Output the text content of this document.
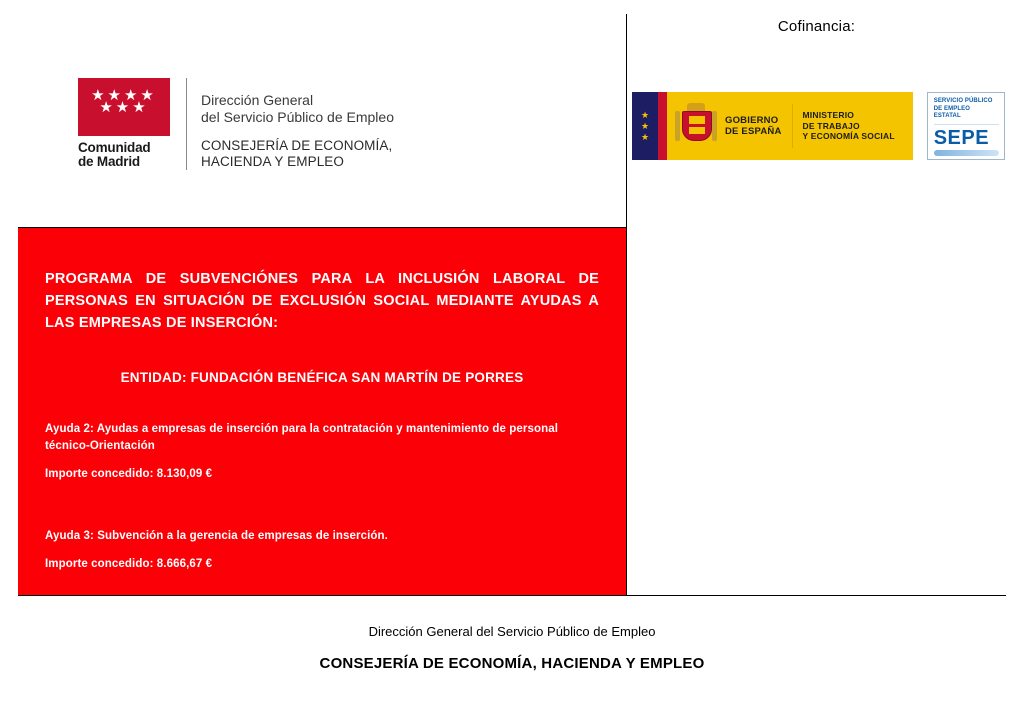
Cofinancia:
★★★★
★★★
Comunidad
de Madrid
Dirección General
del Servicio Público de Empleo
CONSEJERÍA DE ECONOMÍA,
HACIENDA Y EMPLEO
★
★
★
GOBIERNO
DE ESPAÑA
MINISTERIO
DE TRABAJO
Y ECONOMÍA SOCIAL
SERVICIO PÚBLICO
DE EMPLEO ESTATAL
SEPE
PROGRAMA DE SUBVENCIÓNES PARA LA INCLUSIÓN LABORAL DE PERSONAS EN SITUACIÓN DE EXCLUSIÓN SOCIAL MEDIANTE AYUDAS A LAS EMPRESAS DE INSERCIÓN:
ENTIDAD: FUNDACIÓN BENÉFICA SAN MARTÍN DE PORRES
Ayuda 2: Ayudas a empresas de inserción para la contratación y mantenimiento de personal técnico-Orientación
Importe concedido: 8.130,09 €
Ayuda 3: Subvención a la gerencia de empresas de inserción.
Importe concedido: 8.666,67 €
Dirección General del Servicio Público de Empleo
CONSEJERÍA DE ECONOMÍA, HACIENDA Y EMPLEO
